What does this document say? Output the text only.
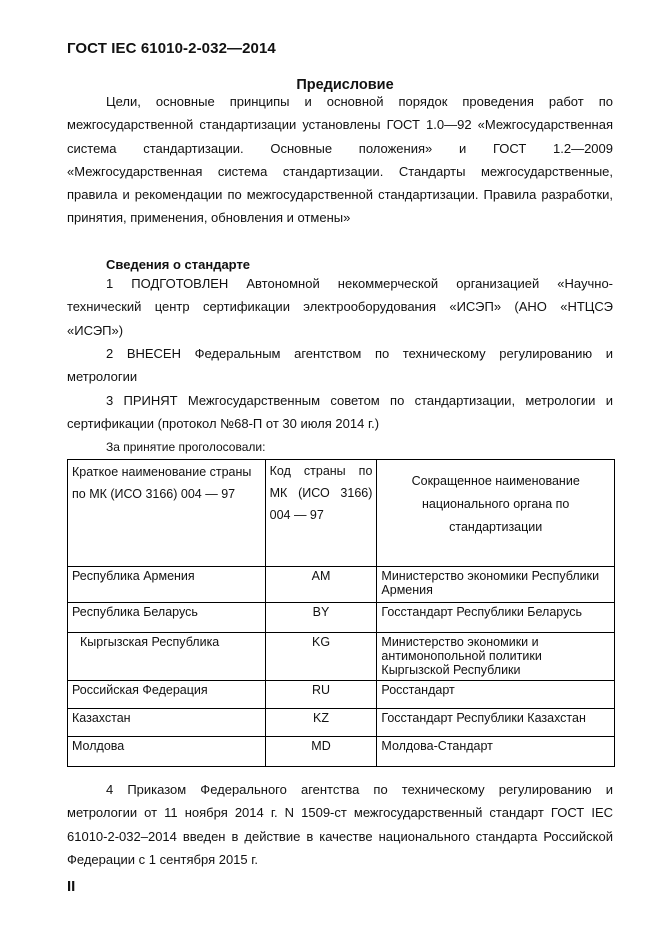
ГОСТ IEC 61010-2-032—2014
Предисловие
Цели, основные принципы и основной порядок проведения работ по межгосударственной стандартизации установлены ГОСТ 1.0—92 «Межгосударственная система стандартизации. Основные положения» и ГОСТ 1.2—2009 «Межгосударственная система стандартизации. Стандарты межгосударственные, правила и рекомендации по межгосударственной стандартизации. Правила разработки, принятия, применения, обновления и отмены»
Сведения о стандарте
1 ПОДГОТОВЛЕН Автономной некоммерческой организацией «Научно-технический центр сертификации электрооборудования «ИСЭП» (АНО «НТЦСЭ «ИСЭП»)
2 ВНЕСЕН Федеральным агентством по техническому регулированию и метрологии
3 ПРИНЯТ Межгосударственным советом по стандартизации, метрологии и сертификации (протокол №68-П от 30 июля 2014 г.)
За принятие проголосовали:
Краткое наименование страны по МК (ИСО 3166) 004 — 97	Код страны по МК (ИСО 3166) 004 — 97	Сокращенное наименование национального органа по стандартизации
Республика Армения	AM	Министерство экономики Республики Армения
Республика Беларусь	BY	Госстандарт Республики Беларусь
Кыргызская Республика	KG	Министерство экономики и антимонопольной политики Кыргызской Республики
Российская Федерация	RU	Росстандарт
Казахстан	KZ	Госстандарт Республики Казахстан
Молдова	MD	Молдова-Стандарт
4 Приказом Федерального агентства по техническому регулированию и метрологии от 11 ноября 2014 г. N 1509-ст межгосударственный стандарт ГОСТ IEC 61010-2-032–2014 введен в действие в качестве национального стандарта Российской Федерации с 1 сентября 2015 г.
II
